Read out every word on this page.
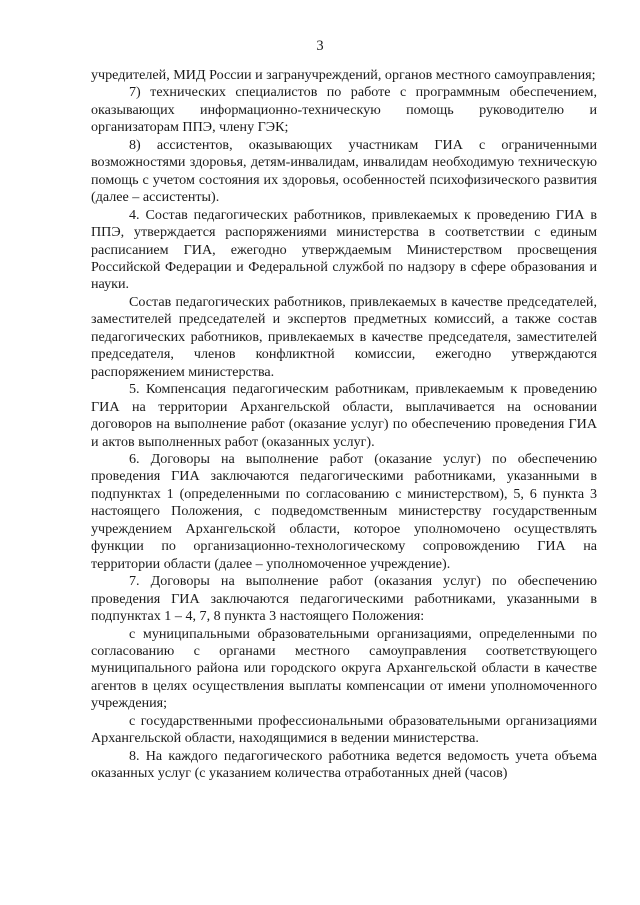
3

учредителей, МИД России и загранучреждений, органов местного самоуправления;

7) технических специалистов по работе с программным обеспечением, оказывающих информационно-техническую помощь руководителю и организаторам ППЭ, члену ГЭК;

8) ассистентов, оказывающих участникам ГИА с ограниченными возможностями здоровья, детям-инвалидам, инвалидам необходимую техническую помощь с учетом состояния их здоровья, особенностей психофизического развития (далее – ассистенты).

4. Состав педагогических работников, привлекаемых к проведению ГИА в ППЭ, утверждается распоряжениями министерства в соответствии с единым расписанием ГИА, ежегодно утверждаемым Министерством просвещения Российской Федерации и Федеральной службой по надзору в сфере образования и науки.

Состав педагогических работников, привлекаемых в качестве председателей, заместителей председателей и экспертов предметных комиссий, а также состав педагогических работников, привлекаемых в качестве председателя, заместителей председателя, членов конфликтной комиссии, ежегодно утверждаются распоряжением министерства.

5. Компенсация педагогическим работникам, привлекаемым к проведению ГИА на территории Архангельской области, выплачивается на основании договоров на выполнение работ (оказание услуг) по обеспечению проведения ГИА и актов выполненных работ (оказанных услуг).

6. Договоры на выполнение работ (оказание услуг) по обеспечению проведения ГИА заключаются педагогическими работниками, указанными в подпунктах 1 (определенными по согласованию с министерством), 5, 6 пункта 3 настоящего Положения, с подведомственным министерству государственным учреждением Архангельской области, которое уполномочено осуществлять функции по организационно-технологическому сопровождению ГИА на территории области (далее – уполномоченное учреждение).

7. Договоры на выполнение работ (оказания услуг) по обеспечению проведения ГИА заключаются педагогическими работниками, указанными в подпунктах 1 – 4, 7, 8 пункта 3 настоящего Положения:

с муниципальными образовательными организациями, определенными по согласованию с органами местного самоуправления соответствующего муниципального района или городского округа Архангельской области в качестве агентов в целях осуществления выплаты компенсации от имени уполномоченного учреждения;

с государственными профессиональными образовательными организациями Архангельской области, находящимися в ведении министерства.

8. На каждого педагогического работника ведется ведомость учета объема оказанных услуг (с указанием количества отработанных дней (часов)
